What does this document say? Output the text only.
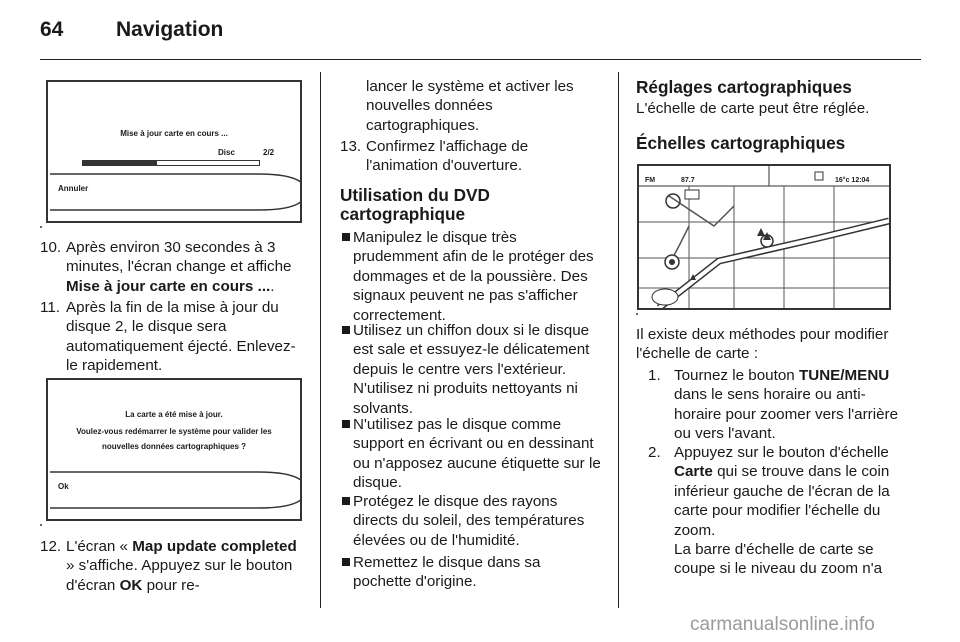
64	Navigation
Mise à jour carte en cours ...
Disc	2/2
Annuler
10. Après environ 30 secondes à 3 minutes, l'écran change et affiche Mise à jour carte en cours ....
11. Après la fin de la mise à jour du disque 2, le disque sera automatiquement éjecté. Enlevez-le rapidement.
La carte a été mise à jour.
Voulez-vous redémarrer le système pour valider les
nouvelles données cartographiques ?
Ok
12. L'écran « Map update completed » s'affiche. Appuyez sur le bouton d'écran OK pour re-
lancer le système et activer les nouvelles données cartographiques.
13. Confirmez l'affichage de l'animation d'ouverture.
Utilisation du DVD cartographique
Manipulez le disque très prudemment afin de le protéger des dommages et de la poussière. Des signaux peuvent ne pas s'afficher correctement.
Utilisez un chiffon doux si le disque est sale et essuyez-le délicatement depuis le centre vers l'extérieur. N'utilisez ni produits nettoyants ni solvants.
N'utilisez pas le disque comme support en écrivant ou en dessinant ou n'apposez aucune étiquette sur le disque.
Protégez le disque des rayons directs du soleil, des températures élevées ou de l'humidité.
Remettez le disque dans sa pochette d'origine.
Réglages cartographiques
L'échelle de carte peut être réglée.
Échelles cartographiques
FM	87.7	16°c 12:04
Il existe deux méthodes pour modifier l'échelle de carte :
1. Tournez le bouton TUNE/MENU dans le sens horaire ou anti-horaire pour zoomer vers l'arrière ou vers l'avant.
2. Appuyez sur le bouton d'échelle Carte qui se trouve dans le coin inférieur gauche de l'écran de la carte pour modifier l'échelle du zoom.
La barre d'échelle de carte se coupe si le niveau du zoom n'a
carmanualsonline.info
